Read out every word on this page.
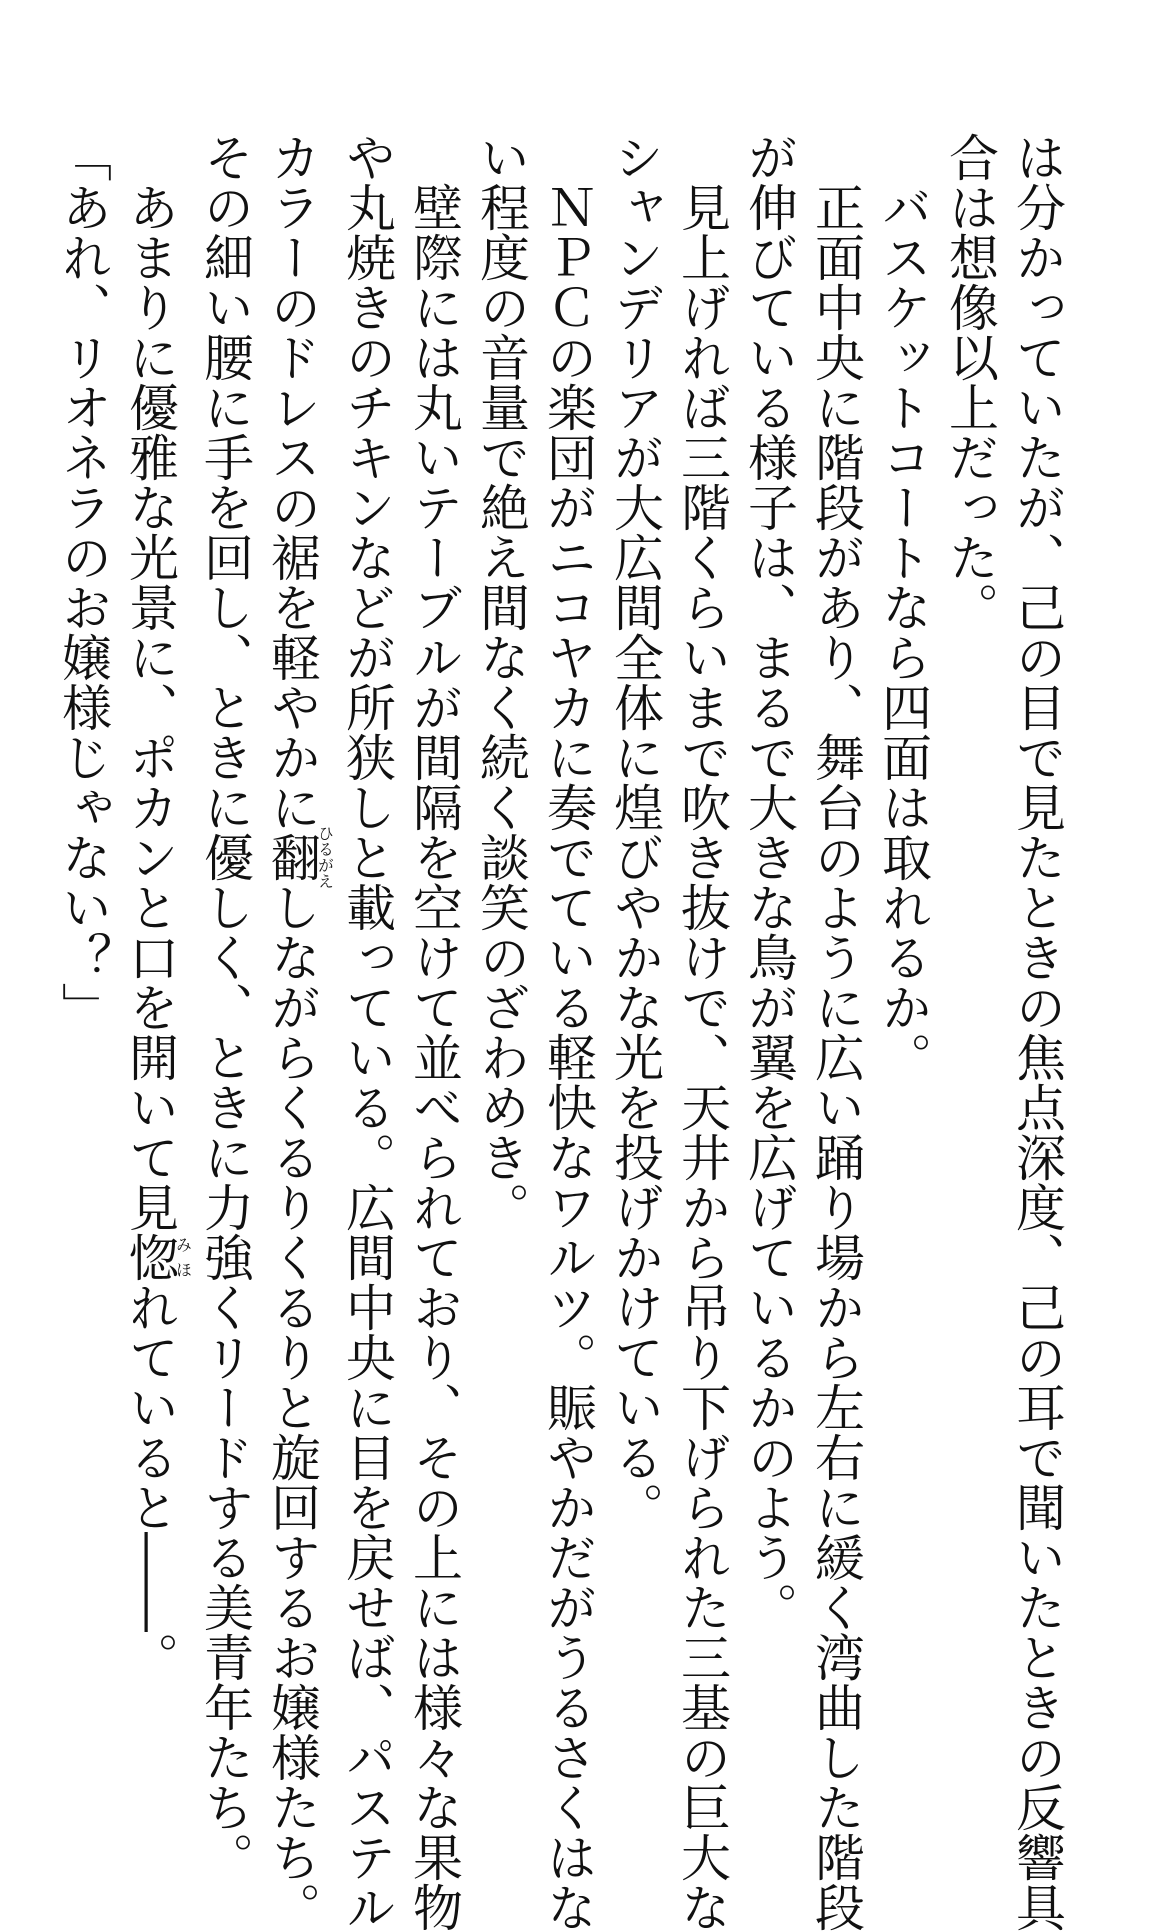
は分かっていたが、己の目で見たときの焦点深度、己の耳で聞いたときの反響具
合は想像以上だった。
バスケットコートなら四面は取れるか。
正面中央に階段があり、舞台のように広い踊り場から左右に緩く湾曲した階段
が伸びている様子は、まるで大きな鳥が翼を広げているかのよう。
見上げれば三階くらいまで吹き抜けで、天井から吊り下げられた三基の巨大な
シャンデリアが大広間全体に煌びやかな光を投げかけている。
ＮＰＣの楽団がニコヤカに奏でている軽快なワルツ。賑やかだがうるさくはな
い程度の音量で絶え間なく続く談笑のざわめき。
壁際には丸いテーブルが間隔を空けて並べられており、その上には様々な果物
や丸焼きのチキンなどが所狭しと載っている。広間中央に目を戻せば、パステル
カラーのドレスの裾を軽やかに翻ひるがえしながらくるりくるりと旋回するお嬢様たち。
その細い腰に手を回し、ときに優しく、ときに力強くリードする美青年たち。
あまりに優雅な光景に、ポカンと口を開いて見惚みほれていると――。
「あれ、リオネラのお嬢様じゃない？」
